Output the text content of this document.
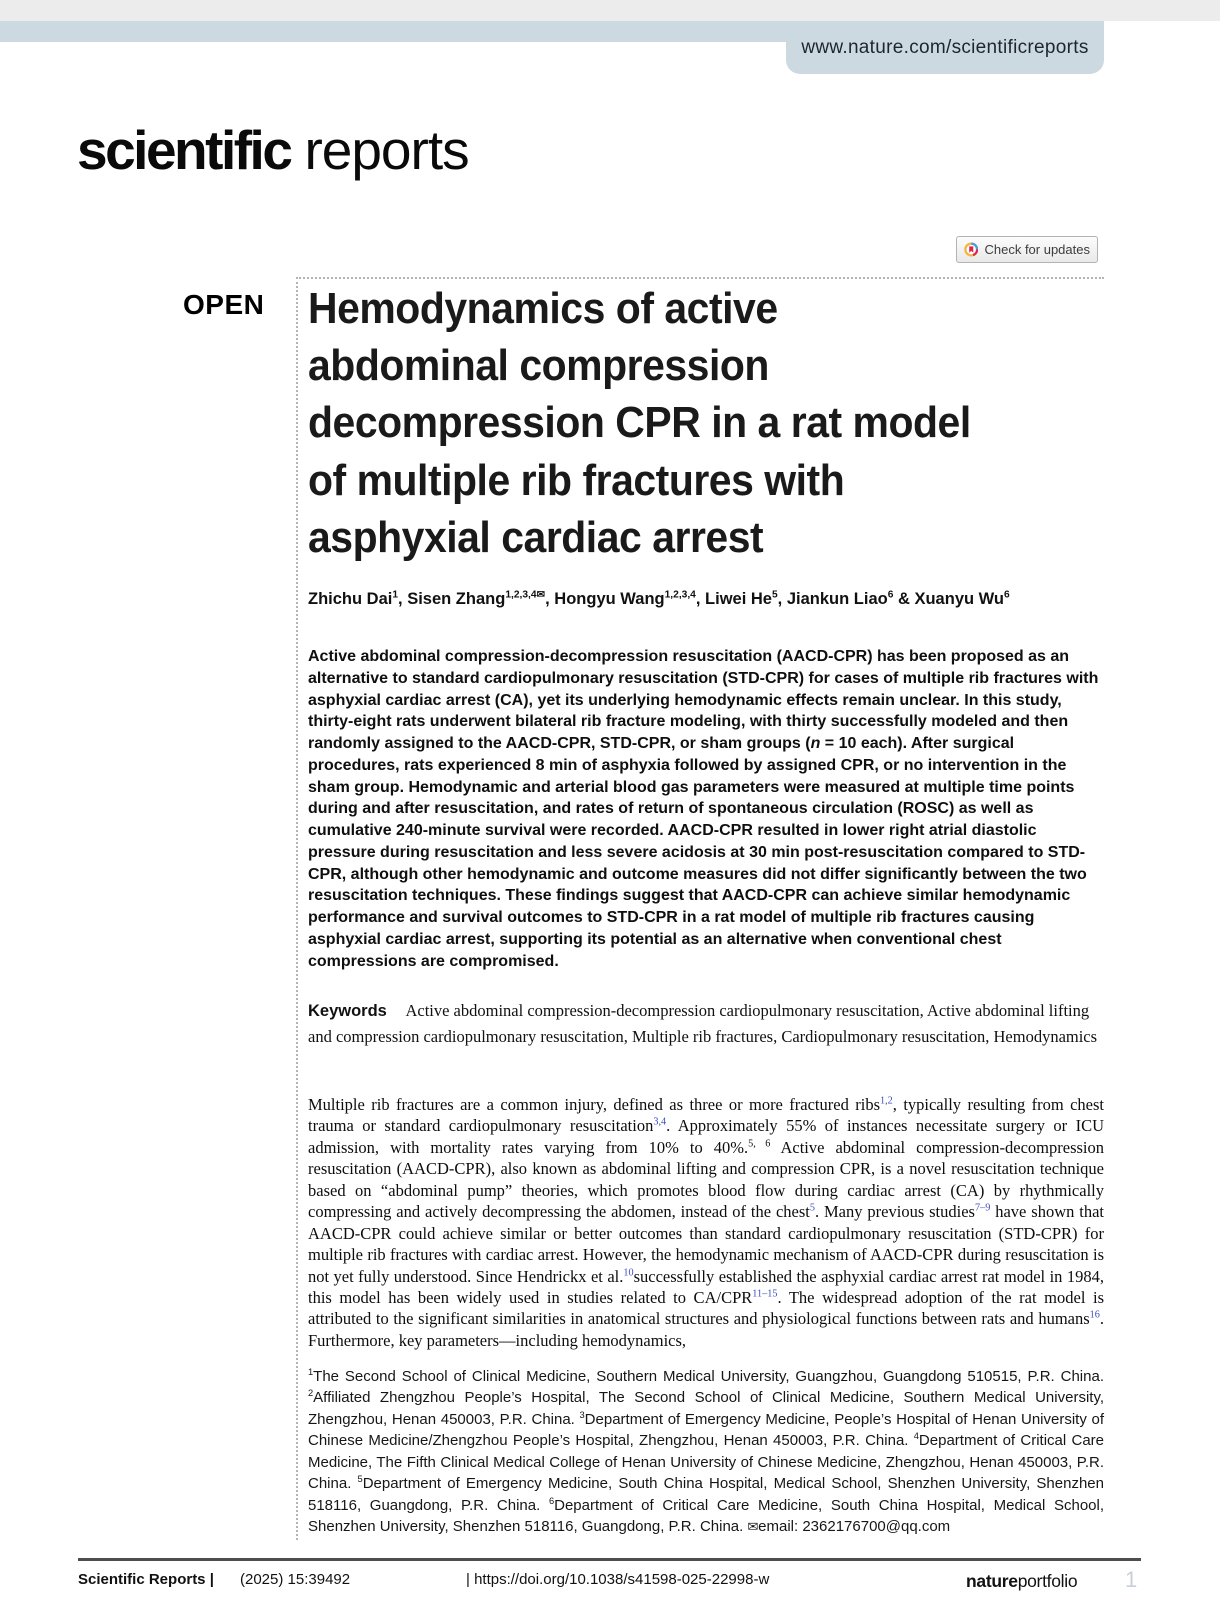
www.nature.com/scientificreports
scientific reports
Check for updates
OPEN Hemodynamics of active
abdominal compression
decompression CPR in a rat model
of multiple rib fractures with
asphyxial cardiac arrest

Zhichu Dai$^1$, Sisen Zhang$^{1,2,3,4✉}$, Hongyu Wang$^{1,2,3,4}$, Liwei He$^5$, Jiankun Liao$^6$ & Xuanyu Wu$^6$

Active abdominal compression-decompression resuscitation (AACD-CPR) has been proposed as an alternative to standard cardiopulmonary resuscitation (STD-CPR) for cases of multiple rib fractures with asphyxial cardiac arrest (CA), yet its underlying hemodynamic effects remain unclear. In this study, thirty-eight rats underwent bilateral rib fracture modeling, with thirty successfully modeled and then randomly assigned to the AACD-CPR, STD-CPR, or sham groups (n = 10 each). After surgical procedures, rats experienced 8 min of asphyxia followed by assigned CPR, or no intervention in the sham group. Hemodynamic and arterial blood gas parameters were measured at multiple time points during and after resuscitation, and rates of return of spontaneous circulation (ROSC) as well as cumulative 240-minute survival were recorded. AACD-CPR resulted in lower right atrial diastolic pressure during resuscitation and less severe acidosis at 30 min post-resuscitation compared to STD-CPR, although other hemodynamic and outcome measures did not differ significantly between the two resuscitation techniques. These findings suggest that AACD-CPR can achieve similar hemodynamic performance and survival outcomes to STD-CPR in a rat model of multiple rib fractures causing asphyxial cardiac arrest, supporting its potential as an alternative when conventional chest compressions are compromised.

Keywords Active abdominal compression-decompression cardiopulmonary resuscitation, Active abdominal lifting and compression cardiopulmonary resuscitation, Multiple rib fractures, Cardiopulmonary resuscitation, Hemodynamics

Multiple rib fractures are a common injury, defined as three or more fractured ribs$^{1,2}$, typically resulting from chest trauma or standard cardiopulmonary resuscitation$^{3,4}$. Approximately 55% of instances necessitate surgery or ICU admission, with mortality rates varying from 10% to 40%.$^{5, 6}$ Active abdominal compression-decompression resuscitation (AACD-CPR), also known as abdominal lifting and compression CPR, is a novel resuscitation technique based on “abdominal pump” theories, which promotes blood flow during cardiac arrest (CA) by rhythmically compressing and actively decompressing the abdomen, instead of the chest$^5$. Many previous studies$^{7-9}$ have shown that AACD-CPR could achieve similar or better outcomes than standard cardiopulmonary resuscitation (STD-CPR) for multiple rib fractures with cardiac arrest. However, the hemodynamic mechanism of AACD-CPR during resuscitation is not yet fully understood. Since Hendrickx et al.$^{10}$successfully established the asphyxial cardiac arrest rat model in 1984, this model has been widely used in studies related to CA/CPR$^{11-15}$. The widespread adoption of the rat model is attributed to the significant similarities in anatomical structures and physiological functions between rats and humans$^{16}$. Furthermore, key parameters—including hemodynamics,

$^1$The Second School of Clinical Medicine, Southern Medical University, Guangzhou, Guangdong 510515, P.R. China. $^2$Affiliated Zhengzhou People’s Hospital, The Second School of Clinical Medicine, Southern Medical University, Zhengzhou, Henan 450003, P.R. China. $^3$Department of Emergency Medicine, People’s Hospital of Henan University of Chinese Medicine/Zhengzhou People’s Hospital, Zhengzhou, Henan 450003, P.R. China. $^4$Department of Critical Care Medicine, The Fifth Clinical Medical College of Henan University of Chinese Medicine, Zhengzhou, Henan 450003, P.R. China. $^5$Department of Emergency Medicine, South China Hospital, Medical School, Shenzhen University, Shenzhen 518116, Guangdong, P.R. China. $^6$Department of Critical Care Medicine, South China Hospital, Medical School, Shenzhen University, Shenzhen 518116, Guangdong, P.R. China. ✉email: 2362176700@qq.com

Scientific Reports | (2025) 15:39492	| https://doi.org/10.1038/s41598-025-22998-w	natureportfolio 1
